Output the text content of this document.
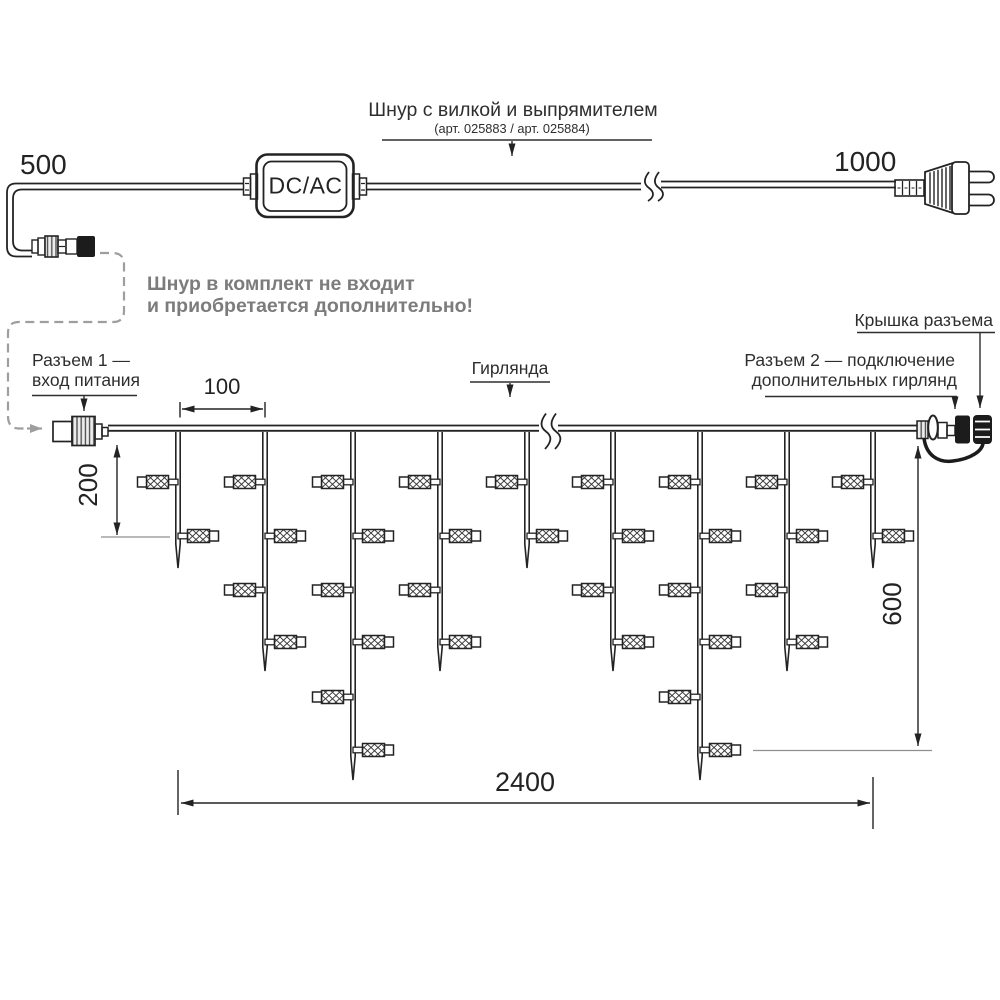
Шнур с вилкой и выпрямителем
(арт. 025883 / арт. 025884)
500	1000
DC/AC
Шнур в комплект не входит
и приобретается дополнительно!
Разъем 1 —
вход питания
Гирлянда
Крышка разъема
Разъем 2 — подключение
дополнительных гирлянд
100
200
600
2400
